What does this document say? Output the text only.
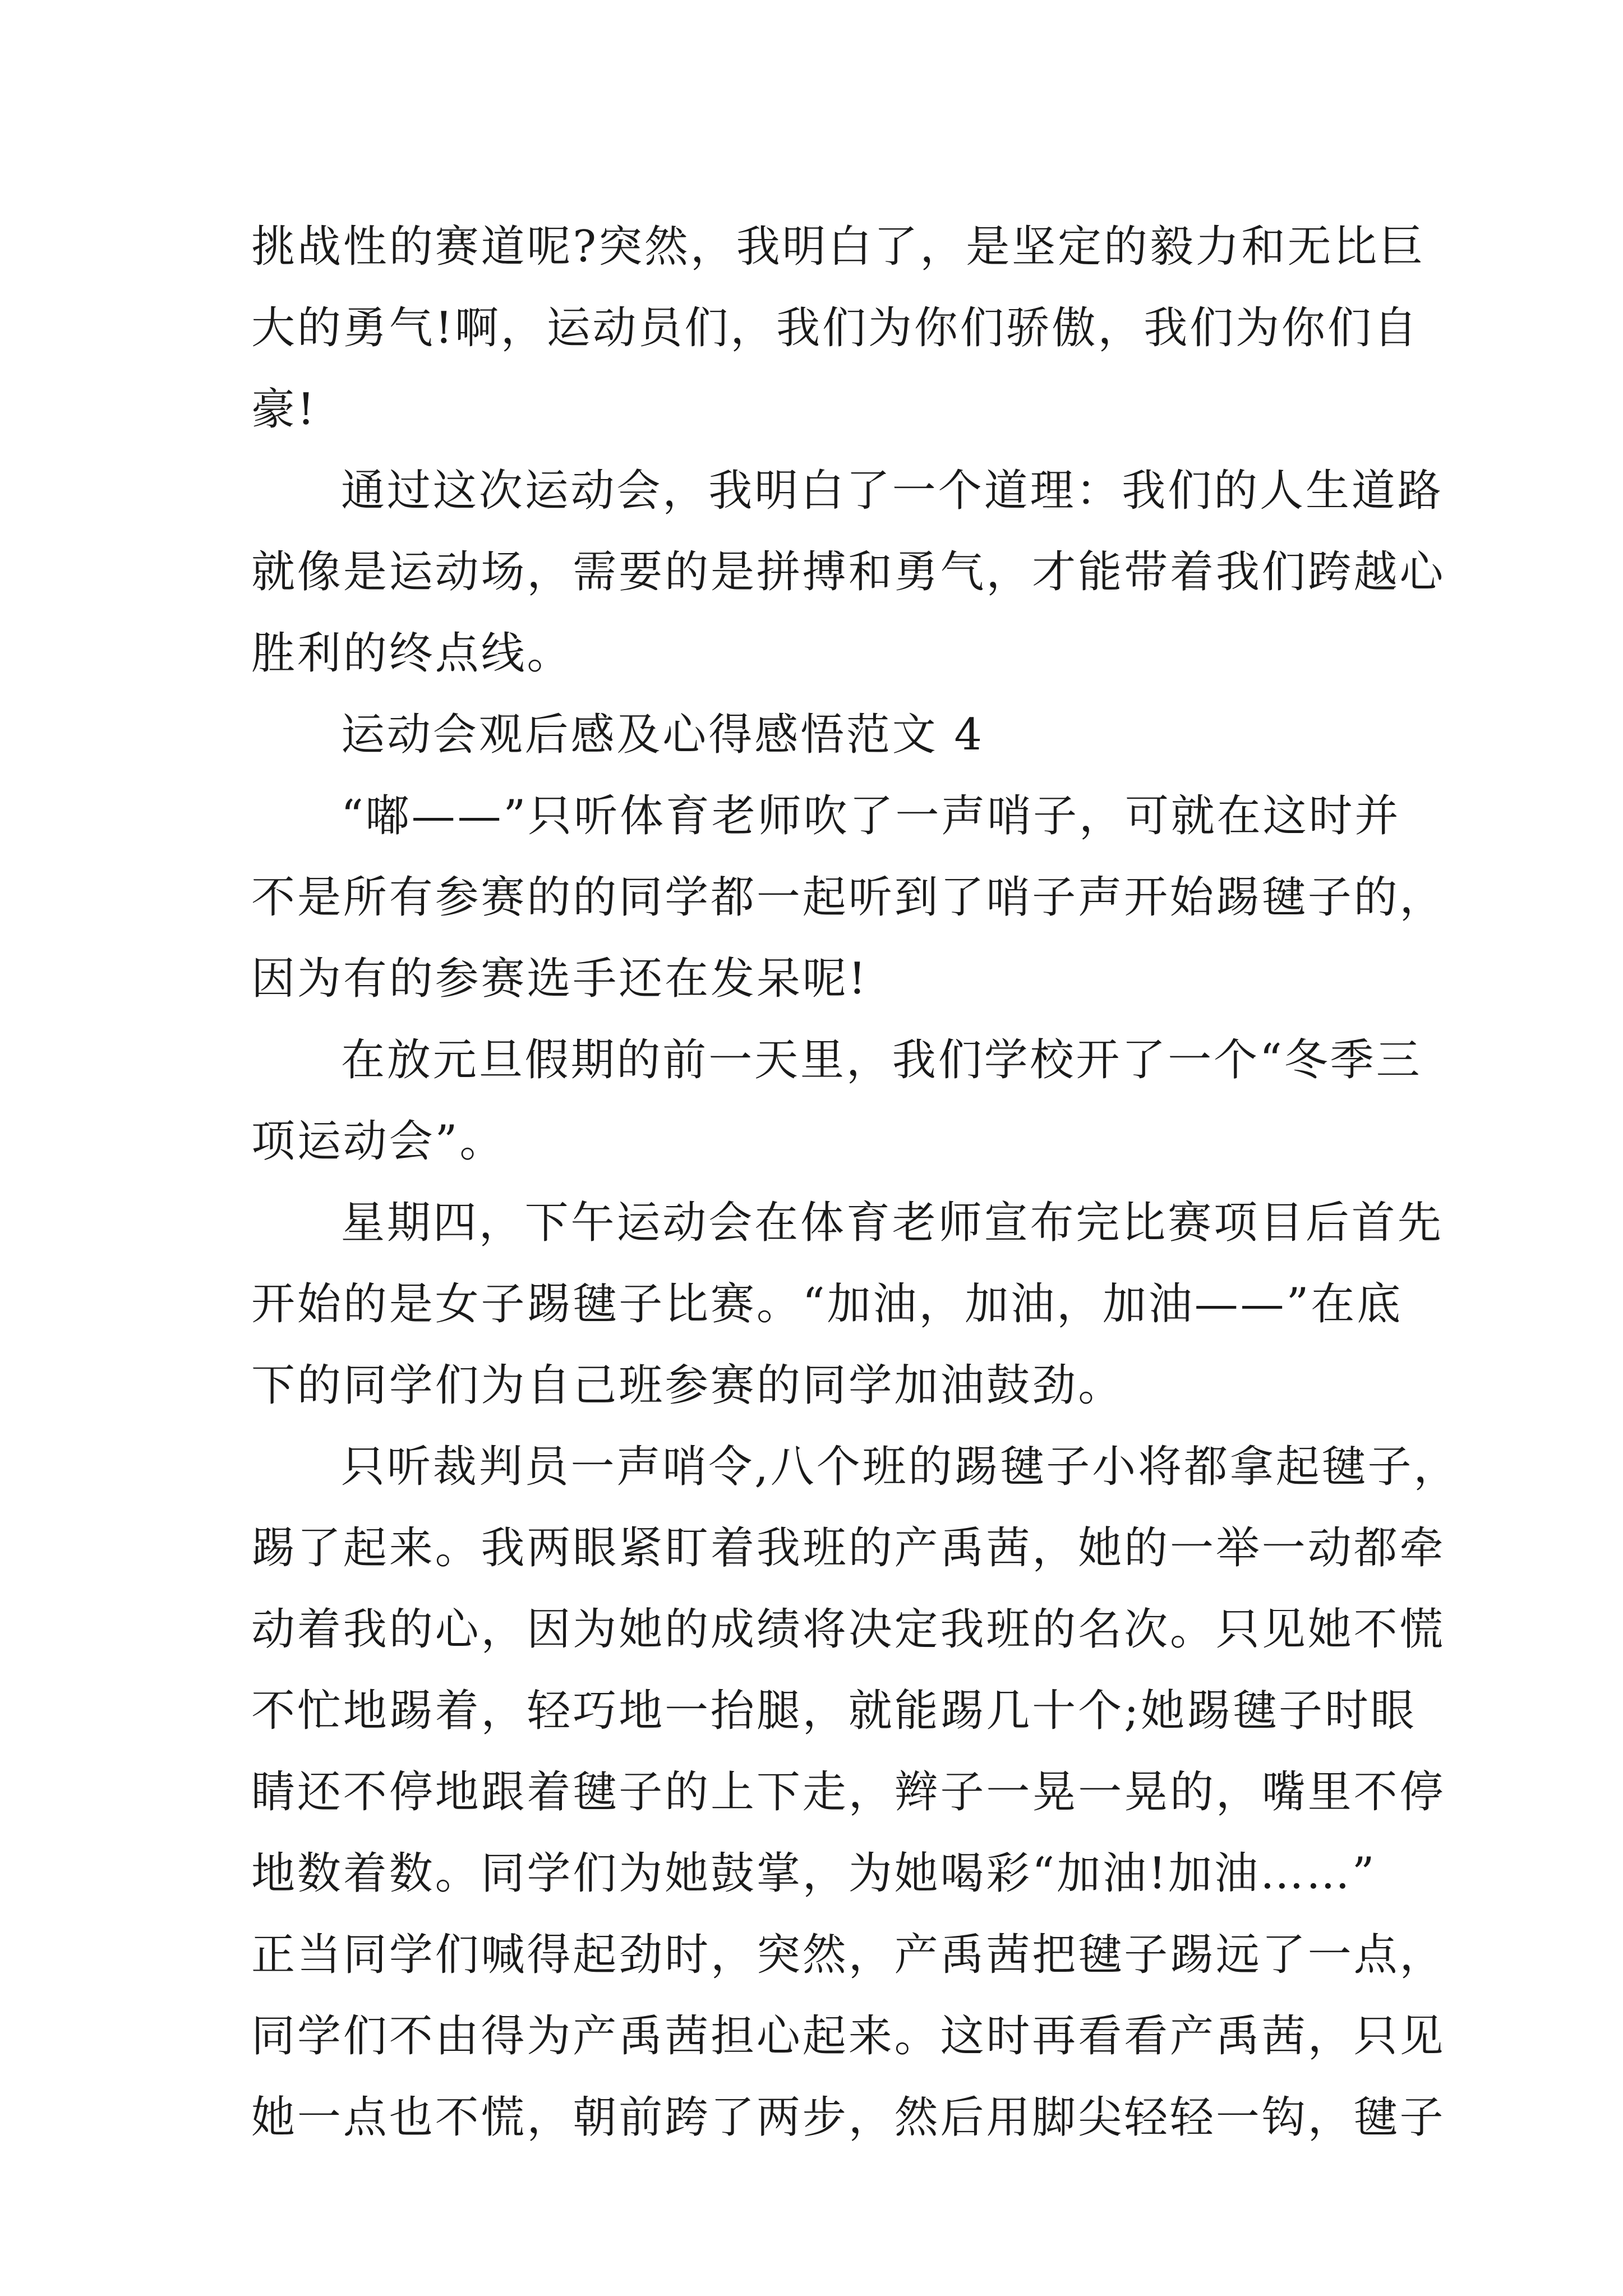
挑战性的赛道呢?突然，我明白了，是坚定的毅力和无比巨
大的勇气!啊，运动员们，我们为你们骄傲，我们为你们自
豪!
通过这次运动会，我明白了一个道理：我们的人生道路
就像是运动场，需要的是拼搏和勇气，才能带着我们跨越心
胜利的终点线。
运动会观后感及心得感悟范文 4
“嘟——”只听体育老师吹了一声哨子，可就在这时并
不是所有参赛的的同学都一起听到了哨子声开始踢毽子的，
因为有的参赛选手还在发呆呢!
在放元旦假期的前一天里，我们学校开了一个“冬季三
项运动会”。
星期四，下午运动会在体育老师宣布完比赛项目后首先
开始的是女子踢毽子比赛。“加油，加油，加油——”在底
下的同学们为自己班参赛的同学加油鼓劲。
只听裁判员一声哨令,八个班的踢毽子小将都拿起毽子，
踢了起来。我两眼紧盯着我班的产禹茜，她的一举一动都牵
动着我的心，因为她的成绩将决定我班的名次。只见她不慌
不忙地踢着，轻巧地一抬腿，就能踢几十个;她踢毽子时眼
睛还不停地跟着毽子的上下走，辫子一晃一晃的，嘴里不停
地数着数。同学们为她鼓掌，为她喝彩“加油!加油……”
正当同学们喊得起劲时，突然，产禹茜把毽子踢远了一点，
同学们不由得为产禹茜担心起来。这时再看看产禹茜，只见
她一点也不慌，朝前跨了两步，然后用脚尖轻轻一钩，毽子
